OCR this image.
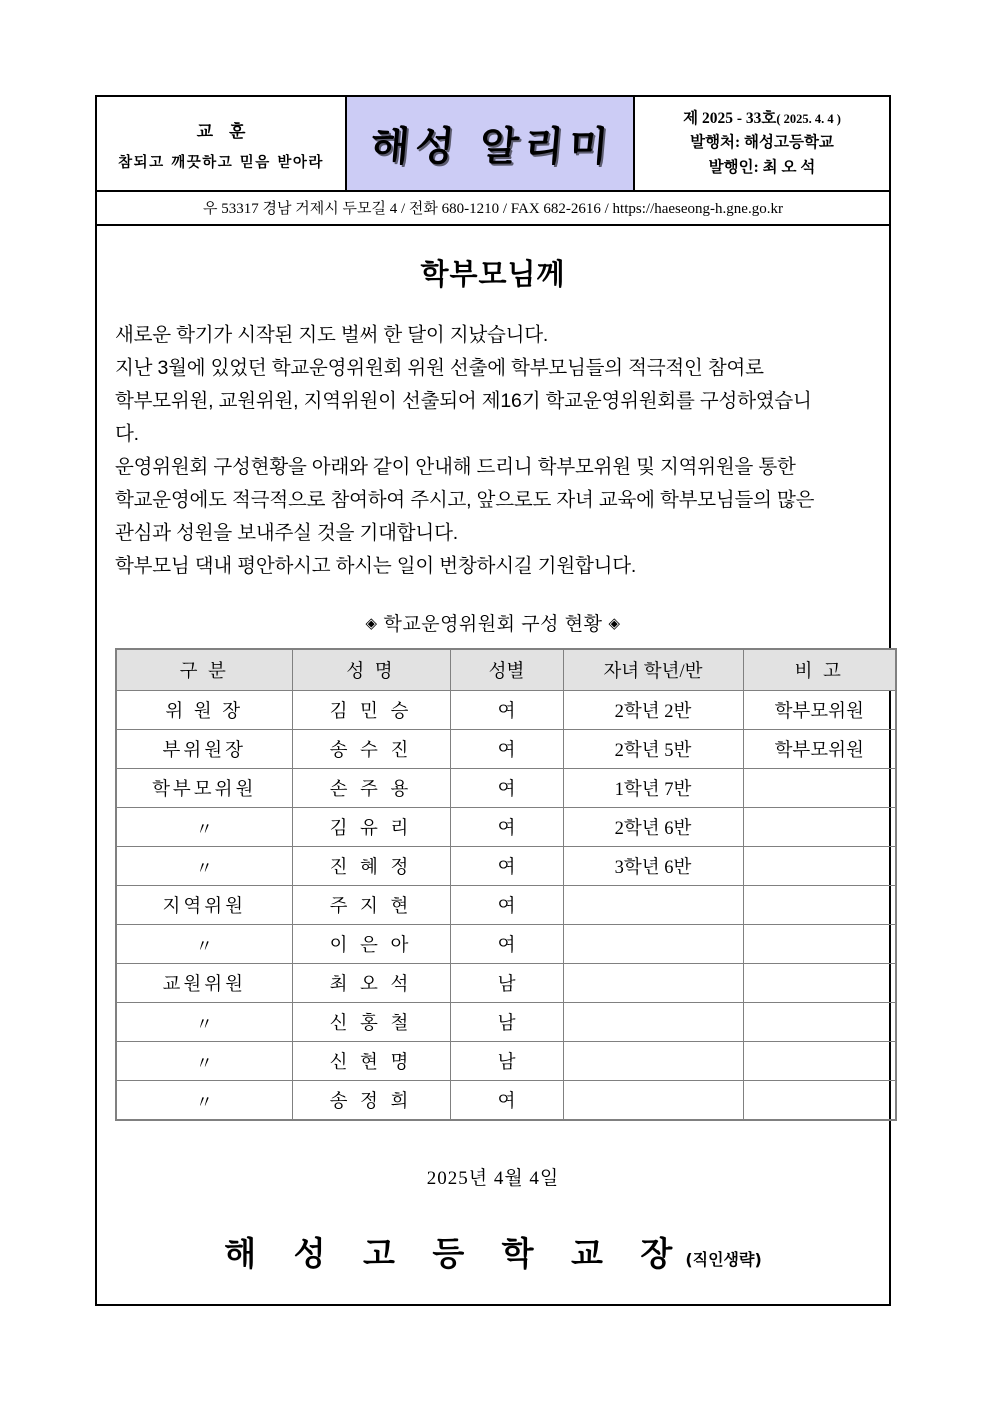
교 훈
참되고 깨끗하고 믿음 받아라 해성 알리미
제 2025 - 33호( 2025. 4. 4 )
발행처: 해성고등학교
발행인: 최 오 석
우 53317 경남 거제시 두모길 4 / 전화 680-1210 / FAX 682-2616 / https://haeseong-h.gne.go.kr
학부모님께
새로운 학기가 시작된 지도 벌써 한 달이 지났습니다.
지난 3월에 있었던 학교운영위원회 위원 선출에 학부모님들의 적극적인 참여로
학부모위원, 교원위원, 지역위원이 선출되어 제16기 학교운영위원회를 구성하였습니
다.
운영위원회 구성현황을 아래와 같이 안내해 드리니 학부모위원 및 지역위원을 통한
학교운영에도 적극적으로 참여하여 주시고, 앞으로도 자녀 교육에 학부모님들의 많은
관심과 성원을 보내주실 것을 기대합니다.
학부모님 댁내 평안하시고 하시는 일이 번창하시길 기원합니다.
◈ 학교운영위원회 구성 현황 ◈
구 분	성 명	성별	자녀 학년/반	비 고
위 원 장	김 민 승	여	2학년 2반	학부모위원
부위원장	송 수 진	여	2학년 5반	학부모위원
학부모위원	손 주 용	여	1학년 7반	
〃	김 유 리	여	2학년 6반	
〃	진 혜 정	여	3학년 6반	
지역위원	주 지 현	여		
〃	이 은 아	여		
교원위원	최 오 석	남		
〃	신 홍 철	남		
〃	신 현 명	남		
〃	송 정 희	여		
2025년 4월 4일
해 성 고 등 학 교 장(직인생략)
